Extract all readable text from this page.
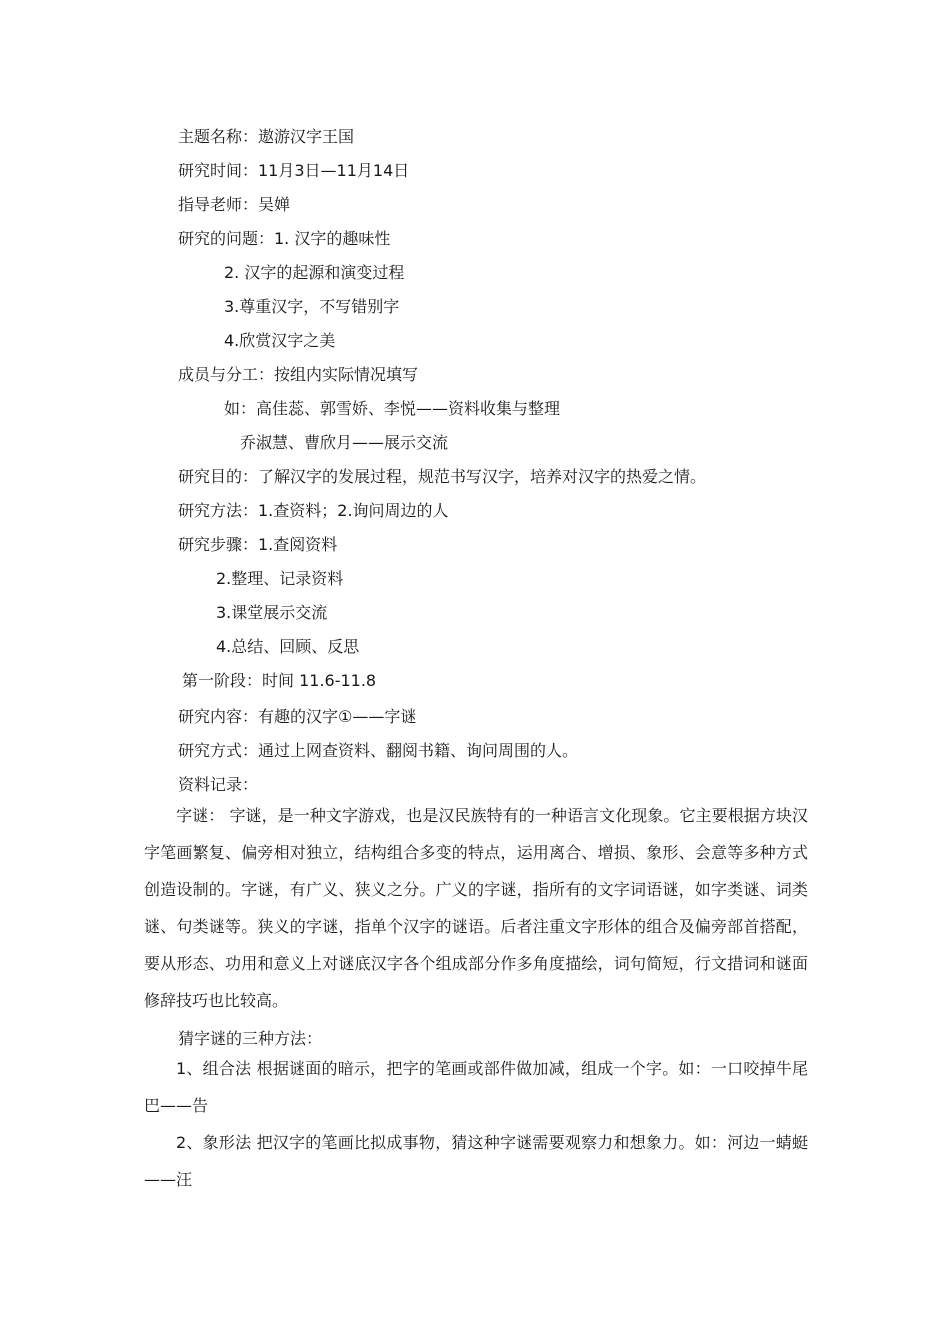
主题名称：遨游汉字王国
研究时间：11月3日—11月14日
指导老师：吴婵
研究的问题：1. 汉字的趣味性
2. 汉字的起源和演变过程
3.尊重汉字，不写错别字
4.欣赏汉字之美
成员与分工：按组内实际情况填写
如：高佳蕊、郭雪娇、李悦——资料收集与整理
乔淑慧、曹欣月——展示交流
研究目的：了解汉字的发展过程，规范书写汉字，培养对汉字的热爱之情。
研究方法：1.查资料；2.询问周边的人
研究步骤：1.查阅资料
2.整理、记录资料
3.课堂展示交流
4.总结、回顾、反思
第一阶段：时间 11.6-11.8
研究内容：有趣的汉字①——字谜
研究方式：通过上网查资料、翻阅书籍、询问周围的人。
资料记录：
字谜： 字谜，是一种文字游戏，也是汉民族特有的一种语言文化现象。它主要根据方块汉字笔画繁复、偏旁相对独立，结构组合多变的特点，运用离合、增损、象形、会意等多种方式创造设制的。字谜，有广义、狭义之分。广义的字谜，指所有的文字词语谜，如字类谜、词类谜、句类谜等。狭义的字谜，指单个汉字的谜语。后者注重文字形体的组合及偏旁部首搭配，要从形态、功用和意义上对谜底汉字各个组成部分作多角度描绘，词句简短，行文措词和谜面修辞技巧也比较高。
猜字谜的三种方法：
1、组合法 根据谜面的暗示，把字的笔画或部件做加减，组成一个字。如：一口咬掉牛尾巴——告
2、象形法 把汉字的笔画比拟成事物，猜这种字谜需要观察力和想象力。如：河边一蜻蜓——汪
